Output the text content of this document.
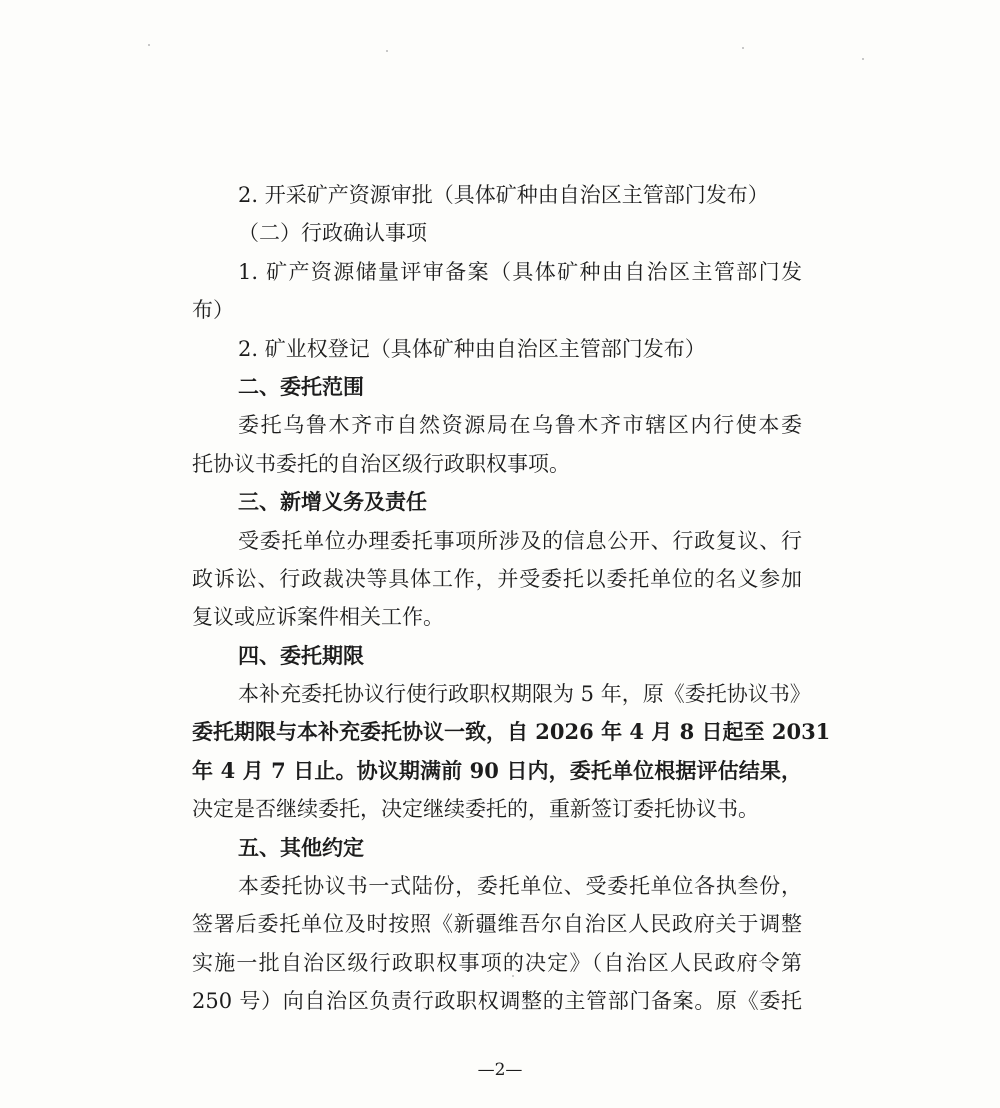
2. 开采矿产资源审批（具体矿种由自治区主管部门发布）
（二）行政确认事项
1. 矿产资源储量评审备案（具体矿种由自治区主管部门发
布）
2. 矿业权登记（具体矿种由自治区主管部门发布）
二、委托范围
委托乌鲁木齐市自然资源局在乌鲁木齐市辖区内行使本委
托协议书委托的自治区级行政职权事项。
三、新增义务及责任
受委托单位办理委托事项所涉及的信息公开、行政复议、行
政诉讼、行政裁决等具体工作，并受委托以委托单位的名义参加
复议或应诉案件相关工作。
四、委托期限
本补充委托协议行使行政职权期限为 5 年，原《委托协议书》
委托期限与本补充委托协议一致，自 2026 年 4 月 8 日起至 2031
年 4 月 7 日止。协议期满前 90 日内，委托单位根据评估结果，
决定是否继续委托，决定继续委托的，重新签订委托协议书。
五、其他约定
本委托协议书一式陆份，委托单位、受委托单位各执叁份，
签署后委托单位及时按照《新疆维吾尔自治区人民政府关于调整
实施一批自治区级行政职权事项的决定》（自治区人民政府令第
250 号）向自治区负责行政职权调整的主管部门备案。原《委托
—2—
